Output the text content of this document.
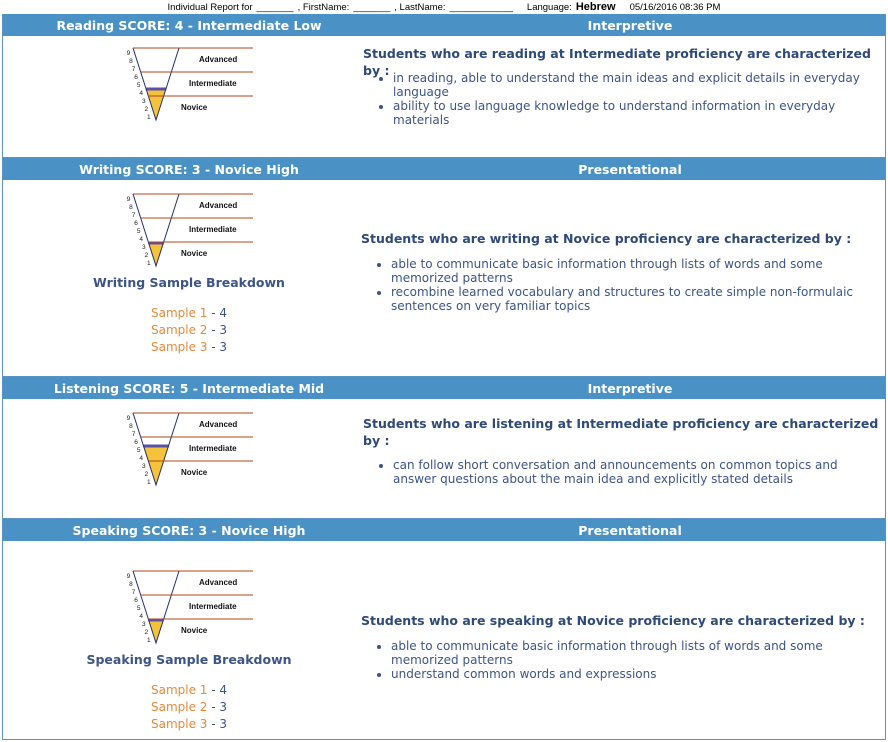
Individual Report for _______ , FirstName: _______ , LastName: ____________ Language: Hebrew 05/16/2016 08:36 PM
Reading SCORE: 4 - Intermediate Low	Interpretive
9
8
7
6
5
4
3
2
1
Advanced
Intermediate
Novice
Students who are reading at Intermediate proficiency are characterized by :
• in reading, able to understand the main ideas and explicit details in everyday language
• ability to use language knowledge to understand information in everyday materials
Writing SCORE: 3 - Novice High	Presentational
9
8
7
6
5
4
3
2
1
Advanced
Intermediate
Novice
Writing Sample Breakdown
Sample 1 - 4
Sample 2 - 3
Sample 3 - 3
Students who are writing at Novice proficiency are characterized by :
• able to communicate basic information through lists of words and some memorized patterns
• recombine learned vocabulary and structures to create simple non-formulaic sentences on very familiar topics
Listening SCORE: 5 - Intermediate Mid	Interpretive
9
8
7
6
5
4
3
2
1
Advanced
Intermediate
Novice
Students who are listening at Intermediate proficiency are characterized by :
• can follow short conversation and announcements on common topics and answer questions about the main idea and explicitly stated details
Speaking SCORE: 3 - Novice High	Presentational
9
8
7
6
5
4
3
2
1
Advanced
Intermediate
Novice
Speaking Sample Breakdown
Sample 1 - 4
Sample 2 - 3
Sample 3 - 3
Students who are speaking at Novice proficiency are characterized by :
• able to communicate basic information through lists of words and some memorized patterns
• understand common words and expressions
